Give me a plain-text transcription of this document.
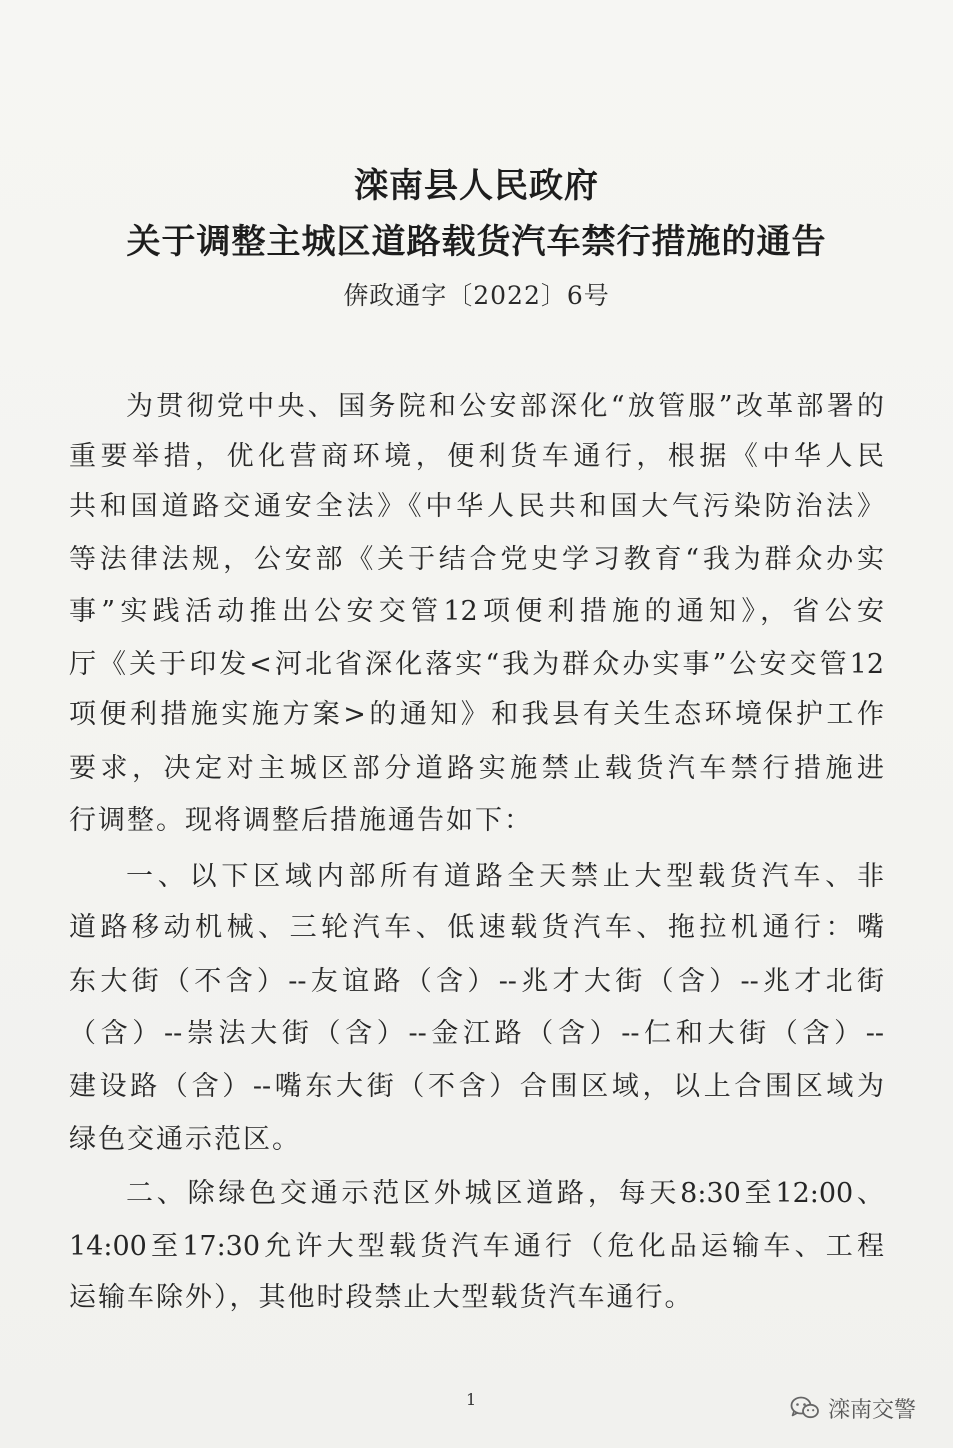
滦南县人民政府
关于调整主城区道路载货汽车禁行措施的通告
倴政通字〔2022〕6号
为贯彻党中央、国务院和公安部深化“放管服”改革部署的
重要举措，优化营商环境，便利货车通行，根据《中华人民
共和国道路交通安全法》《中华人民共和国大气污染防治法》
等法律法规，公安部《关于结合党史学习教育“我为群众办实
事”实践活动推出公安交管12项便利措施的通知》，省公安
厅《关于印发<河北省深化落实“我为群众办实事”公安交管12
项便利措施实施方案>的通知》和我县有关生态环境保护工作
要求，决定对主城区部分道路实施禁止载货汽车禁行措施进
行调整。现将调整后措施通告如下：
一、以下区域内部所有道路全天禁止大型载货汽车、非
道路移动机械、三轮汽车、低速载货汽车、拖拉机通行：嘴
东大街（不含）--友谊路（含）--兆才大街（含）--兆才北街
（含）--崇法大街（含）--金江路（含）--仁和大街（含）--
建设路（含）--嘴东大街（不含）合围区域，以上合围区域为
绿色交通示范区。
二、除绿色交通示范区外城区道路，每天8:30至12:00、
14:00至17:30允许大型载货汽车通行（危化品运输车、工程
运输车除外），其他时段禁止大型载货汽车通行。
1	滦南交警
